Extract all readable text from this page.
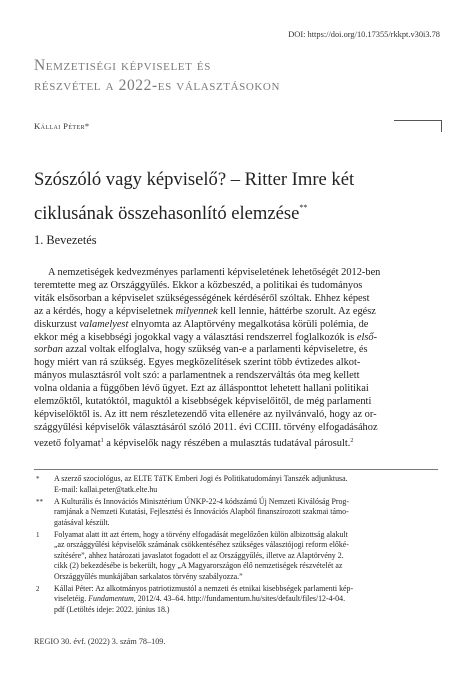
DOI: https://doi.org/10.17355/rkkpt.v30i3.78
Nemzetiségi képviselet és
részvétel a 2022-es választásokon
Kállai Péter*
Szószóló vagy képviselő? – Ritter Imre két
ciklusának összehasonlító elemzése**
1. Bevezetés
A nemzetiségek kedvezményes parlamenti képviseletének lehetőségét 2012-ben
teremtette meg az Országgyűlés. Ekkor a közbeszéd, a politikai és tudományos
viták elsősorban a képviselet szükségességének kérdéséről szóltak. Ehhez képest
az a kérdés, hogy a képviseletnek milyennek kell lennie, háttérbe szorult. Az egész
diskurzust valamelyest elnyomta az Alaptörvény megalkotása körüli polémia, de
ekkor még a kisebbségi jogokkal vagy a választási rendszerrel foglalkozók is első-
sorban azzal voltak elfoglalva, hogy szükség van-e a parlamenti képviseletre, és
hogy miért van rá szükség. Egyes megközelítések szerint több évtizedes alkot-
mányos mulasztásról volt szó: a parlamentnek a rendszerváltás óta meg kellett
volna oldania a függőben lévő ügyet. Ezt az állásponttot lehetett hallani politikai
elemzőktől, kutatóktól, maguktól a kisebbségek képviselőitől, de még parlamenti
képviselőktől is. Az itt nem részletezendő vita ellenére az nyilvánvaló, hogy az or-
szággyűlési képviselők választásáról szóló 2011. évi CCIII. törvény elfogadásához
vezető folyamat$^1$ a képviselők nagy részében a mulasztás tudatával párosult.$^2$
* A szerző szociológus, az ELTE TáTK Emberi Jogi és Politikatudományi Tanszék adjunktusa.
E-mail: kallai.peter@tatk.elte.hu
** A Kulturális és Innovációs Minisztérium ÚNKP-22-4 kódszámú Új Nemzeti Kiválóság Prog-
ramjának a Nemzeti Kutatási, Fejlesztési és Innovációs Alapból finanszírozott szakmai támo-
gatásával készült.
1 Folyamat alatt itt azt értem, hogy a törvény elfogadását megelőzően külön albizottság alakult
„az országgyűlési képviselők számának csökkentéséhez szükséges választójogi reform előké-
szítésére”, ahhez határozati javaslatot fogadott el az Országgyűlés, illetve az Alaptörvény 2.
cikk (2) bekezdésébe is bekerült, hogy „A Magyarországon élő nemzetiségek részvételét az
Országgyűlés munkájában sarkalatos törvény szabályozza.”
2 Kállai Péter: Az alkotmányos patriotizmustól a nemzeti és etnikai kisebbségek parlamenti kép-
viseletéig. Fundamentum, 2012/4. 43–64. http://fundamentum.hu/sites/default/files/12-4-04.
pdf (Letöltés ideje: 2022. június 18.)
REGIO 30. évf. (2022) 3. szám 78–109.
